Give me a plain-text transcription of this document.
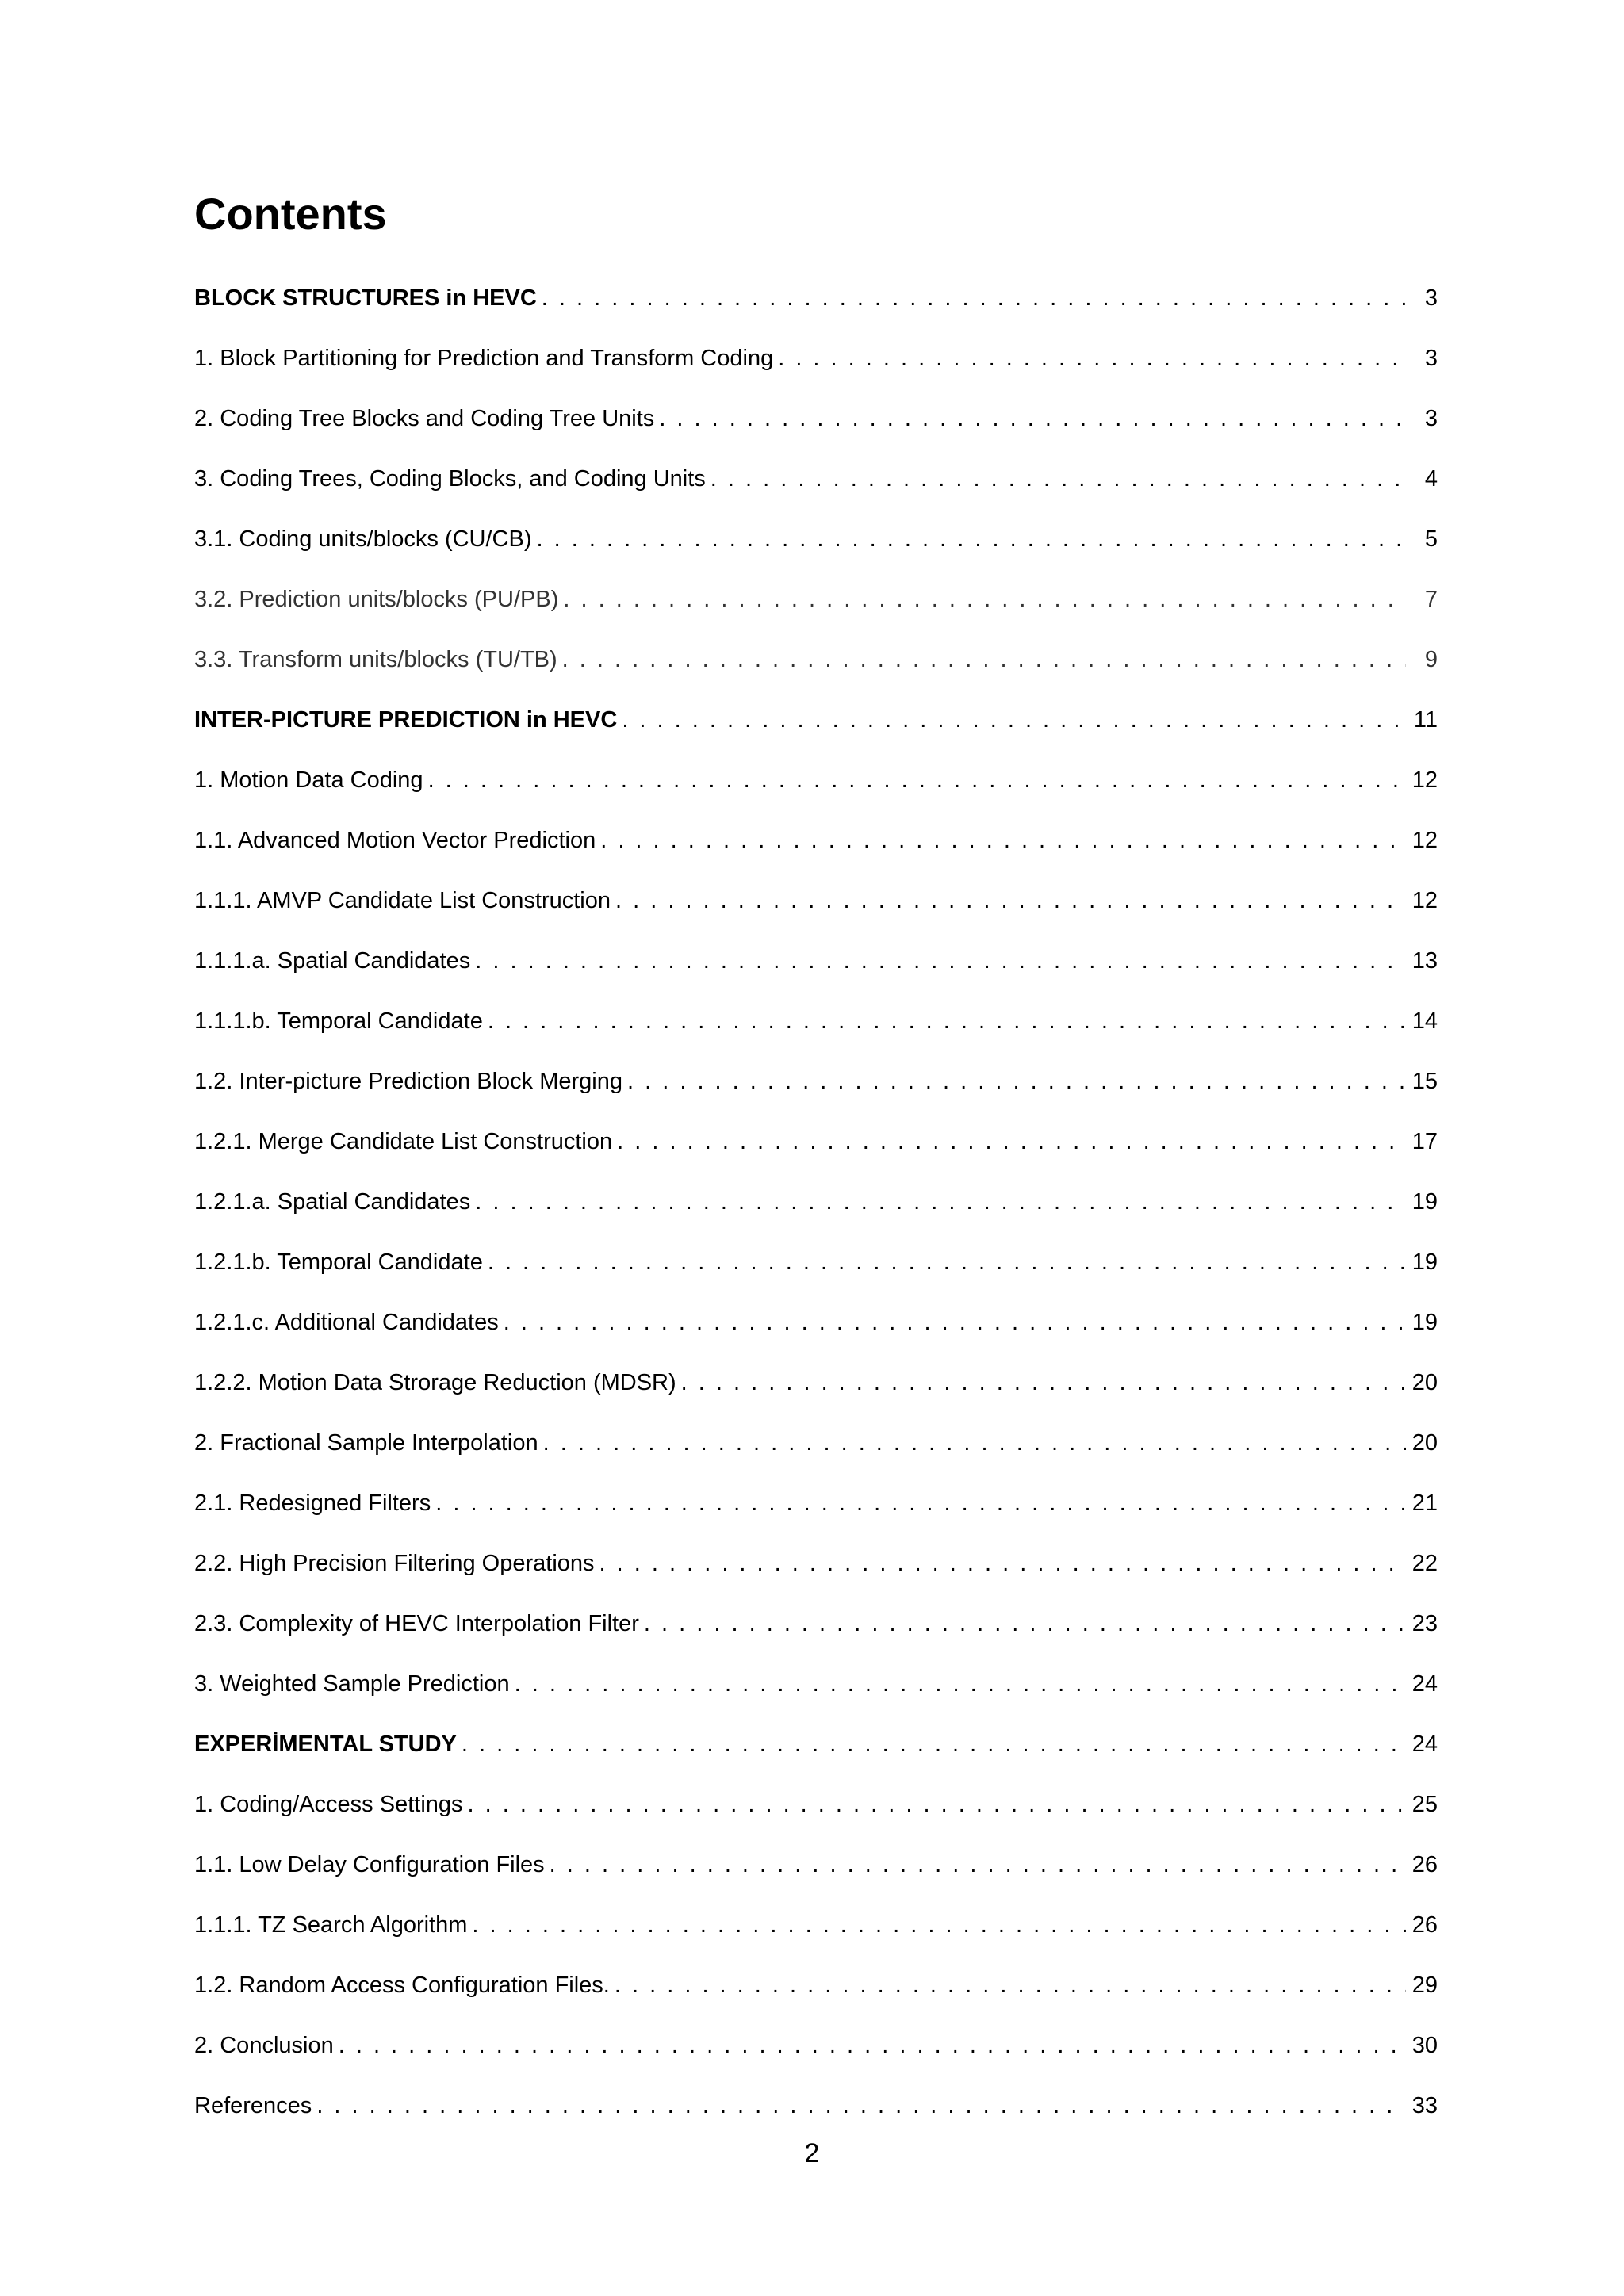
Contents
BLOCK STRUCTURES in HEVC . . .	3
1. Block Partitioning for Prediction and Transform Coding . . .	3
2. Coding Tree Blocks and Coding Tree Units . . .	3
3. Coding Trees, Coding Blocks, and Coding Units . . .	4
3.1. Coding units/blocks (CU/CB) . . .	5
3.2. Prediction units/blocks (PU/PB) . . .	7
3.3. Transform units/blocks (TU/TB) . . .	9
INTER-PICTURE PREDICTION in HEVC . . .	11
1. Motion Data Coding . . .	12
1.1. Advanced Motion Vector Prediction . . .	12
1.1.1. AMVP Candidate List Construction . . .	12
1.1.1.a. Spatial Candidates . . .	13
1.1.1.b. Temporal Candidate . . .	14
1.2. Inter-picture Prediction Block Merging . . .	15
1.2.1. Merge Candidate List Construction . . .	17
1.2.1.a. Spatial Candidates . . .	19
1.2.1.b. Temporal Candidate . . .	19
1.2.1.c. Additional Candidates . . .	19
1.2.2. Motion Data Strorage Reduction (MDSR) . . .	20
2. Fractional Sample Interpolation . . .	20
2.1. Redesigned Filters . . .	21
2.2. High Precision Filtering Operations . . .	22
2.3. Complexity of HEVC Interpolation Filter . . .	23
3. Weighted Sample Prediction . . .	24
EXPERİMENTAL STUDY . . .	24
1. Coding/Access Settings . . .	25
1.1. Low Delay Configuration Files . . .	26
1.1.1. TZ Search Algorithm . . .	26
1.2. Random Access Configuration Files. . . .	29
2. Conclusion . . .	30
References . . .	33
2
